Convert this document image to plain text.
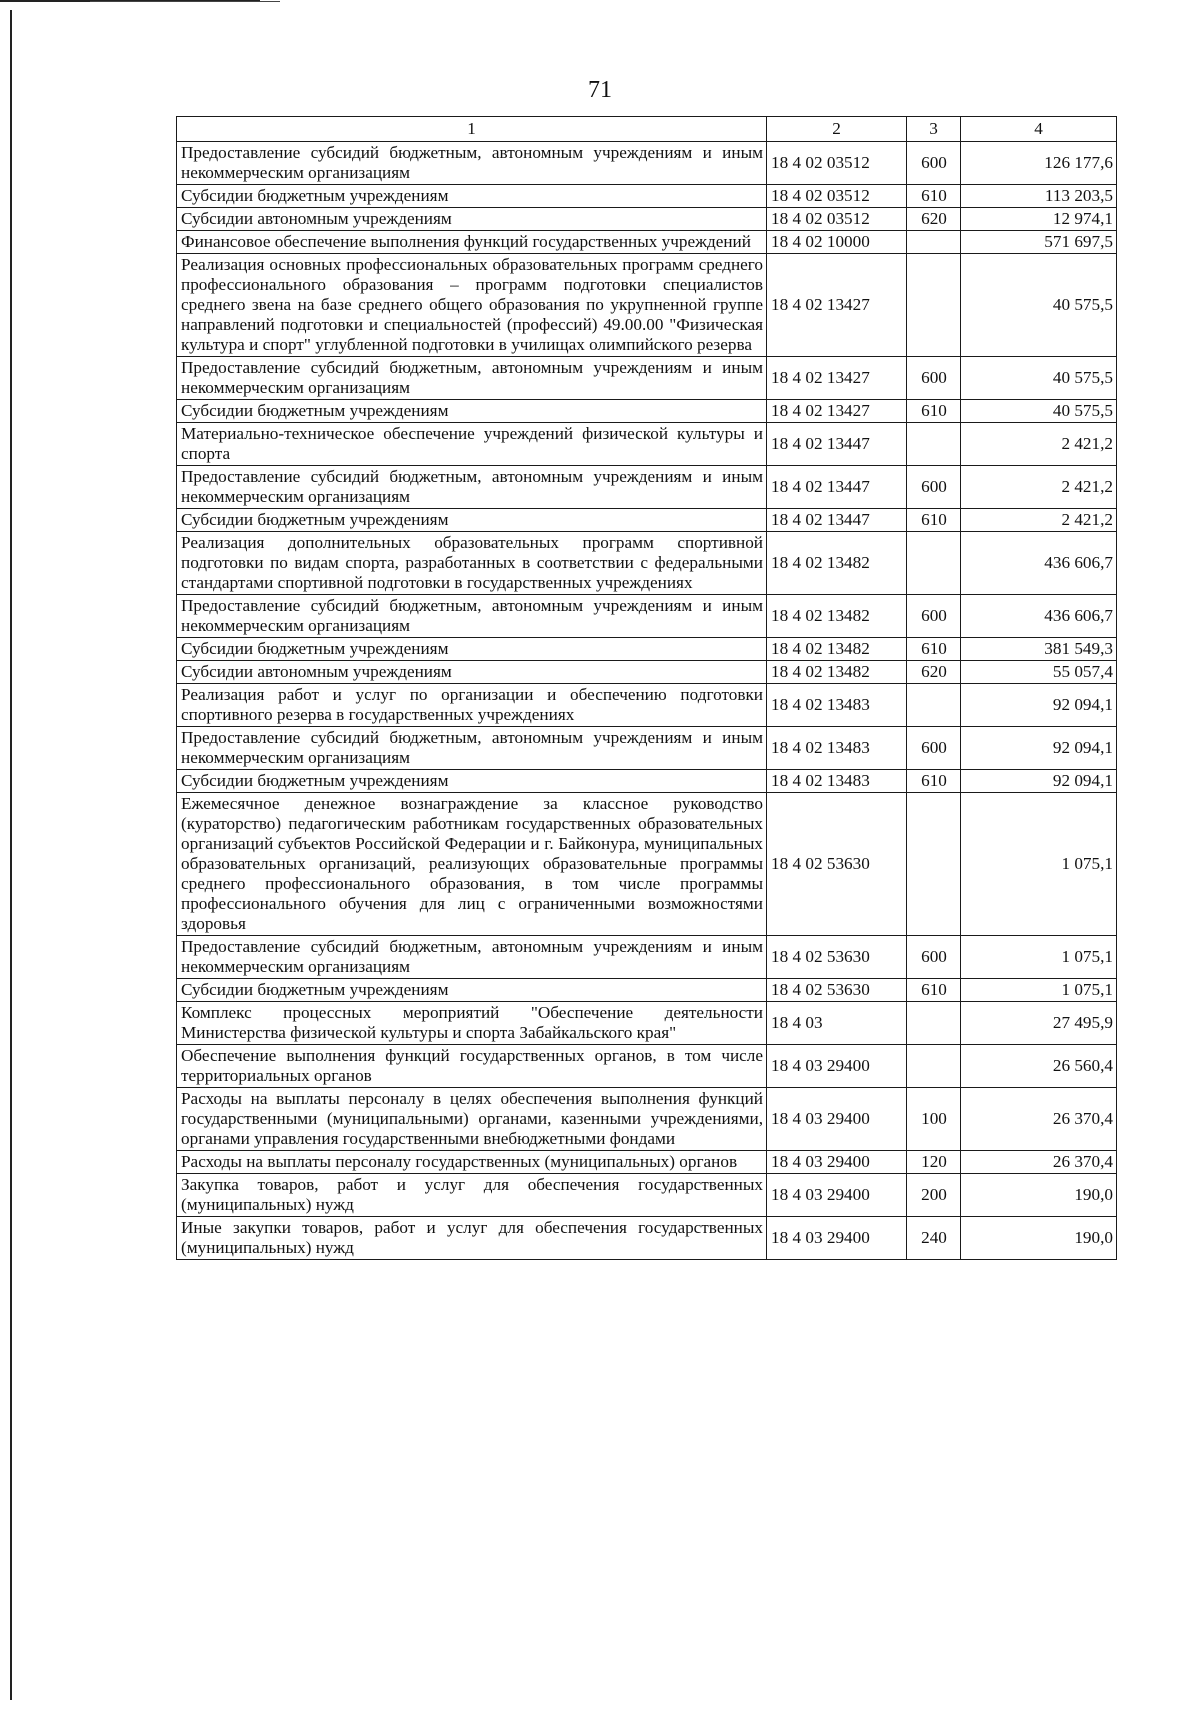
71
1	2	3	4
Предоставление субсидий бюджетным, автономным учреждениям и иным некоммерческим организациям	18 4 02 03512	600	126 177,6
Субсидии бюджетным учреждениям	18 4 02 03512	610	113 203,5
Субсидии автономным учреждениям	18 4 02 03512	620	12 974,1
Финансовое обеспечение выполнения функций государственных учреждений	18 4 02 10000		571 697,5
Реализация основных профессиональных образовательных программ среднего профессионального образования – программ подготовки специалистов среднего звена на базе среднего общего образования по укрупненной группе направлений подготовки и специальностей (профессий) 49.00.00 "Физическая культура и спорт" углубленной подготовки в училищах олимпийского резерва	18 4 02 13427		40 575,5
Предоставление субсидий бюджетным, автономным учреждениям и иным некоммерческим организациям	18 4 02 13427	600	40 575,5
Субсидии бюджетным учреждениям	18 4 02 13427	610	40 575,5
Материально-техническое обеспечение учреждений физической культуры и спорта	18 4 02 13447		2 421,2
Предоставление субсидий бюджетным, автономным учреждениям и иным некоммерческим организациям	18 4 02 13447	600	2 421,2
Субсидии бюджетным учреждениям	18 4 02 13447	610	2 421,2
Реализация дополнительных образовательных программ спортивной подготовки по видам спорта, разработанных в соответствии с федеральными стандартами спортивной подготовки в государственных учреждениях	18 4 02 13482		436 606,7
Предоставление субсидий бюджетным, автономным учреждениям и иным некоммерческим организациям	18 4 02 13482	600	436 606,7
Субсидии бюджетным учреждениям	18 4 02 13482	610	381 549,3
Субсидии автономным учреждениям	18 4 02 13482	620	55 057,4
Реализация работ и услуг по организации и обеспечению подготовки спортивного резерва в государственных учреждениях	18 4 02 13483		92 094,1
Предоставление субсидий бюджетным, автономным учреждениям и иным некоммерческим организациям	18 4 02 13483	600	92 094,1
Субсидии бюджетным учреждениям	18 4 02 13483	610	92 094,1
Ежемесячное денежное вознаграждение за классное руководство (кураторство) педагогическим работникам государственных образовательных организаций субъектов Российской Федерации и г. Байконура, муниципальных образовательных организаций, реализующих образовательные программы среднего профессионального образования, в том числе программы профессионального обучения для лиц с ограниченными возможностями здоровья	18 4 02 53630		1 075,1
Предоставление субсидий бюджетным, автономным учреждениям и иным некоммерческим организациям	18 4 02 53630	600	1 075,1
Субсидии бюджетным учреждениям	18 4 02 53630	610	1 075,1
Комплекс процессных мероприятий "Обеспечение деятельности Министерства физической культуры и спорта Забайкальского края"	18 4 03		27 495,9
Обеспечение выполнения функций государственных органов, в том числе территориальных органов	18 4 03 29400		26 560,4
Расходы на выплаты персоналу в целях обеспечения выполнения функций государственными (муниципальными) органами, казенными учреждениями, органами управления государственными внебюджетными фондами	18 4 03 29400	100	26 370,4
Расходы на выплаты персоналу государственных (муниципальных) органов	18 4 03 29400	120	26 370,4
Закупка товаров, работ и услуг для обеспечения государственных (муниципальных) нужд	18 4 03 29400	200	190,0
Иные закупки товаров, работ и услуг для обеспечения государственных (муниципальных) нужд	18 4 03 29400	240	190,0
